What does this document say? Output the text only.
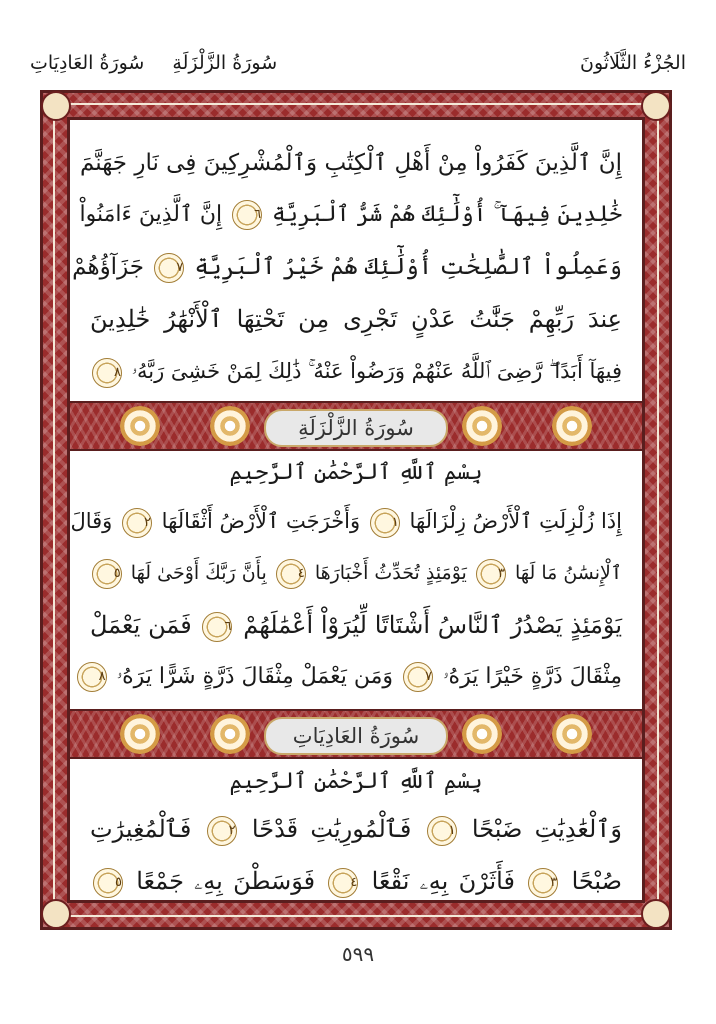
الجُزْءُ الثَّلَاثُونَ
سُورَةُ الزَّلْزَلَةِ سُورَةُ العَادِيَاتِ
إِنَّ ٱلَّذِينَ كَفَرُواْ مِنْ أَهْلِ ٱلْكِتَٰبِ وَٱلْمُشْرِكِينَ فِى نَارِ جَهَنَّمَ
خَٰلِدِينَ فِيهَآ ۚ أُوْلَٰٓئِكَ هُمْ شَرُّ ٱلْبَرِيَّةِ ٦ إِنَّ ٱلَّذِينَ ءَامَنُواْ
وَعَمِلُواْ ٱلصَّٰلِحَٰتِ أُوْلَٰٓئِكَ هُمْ خَيْرُ ٱلْبَرِيَّةِ ٧ جَزَآؤُهُمْ
عِندَ رَبِّهِمْ جَنَّٰتُ عَدْنٍ تَجْرِى مِن تَحْتِهَا ٱلْأَنْهَٰرُ خَٰلِدِينَ
فِيهَآ أَبَدًا ۖ رَّضِىَ ٱللَّهُ عَنْهُمْ وَرَضُواْ عَنْهُ ۚ ذَٰلِكَ لِمَنْ خَشِىَ رَبَّهُۥ ٨
سُورَةُ الزَّلْزَلَةِ
بِسْمِ ٱللَّهِ ٱلرَّحْمَٰنِ ٱلرَّحِيمِ
إِذَا زُلْزِلَتِ ٱلْأَرْضُ زِلْزَالَهَا ١ وَأَخْرَجَتِ ٱلْأَرْضُ أَثْقَالَهَا ٢ وَقَالَ
ٱلْإِنسَٰنُ مَا لَهَا ٣ يَوْمَئِذٍ تُحَدِّثُ أَخْبَارَهَا ٤ بِأَنَّ رَبَّكَ أَوْحَىٰ لَهَا ٥
يَوْمَئِذٍ يَصْدُرُ ٱلنَّاسُ أَشْتَاتًا لِّيُرَوْاْ أَعْمَٰلَهُمْ ٦ فَمَن يَعْمَلْ
مِثْقَالَ ذَرَّةٍ خَيْرًا يَرَهُۥ ٧ وَمَن يَعْمَلْ مِثْقَالَ ذَرَّةٍ شَرًّا يَرَهُۥ ٨
سُورَةُ العَادِيَاتِ
بِسْمِ ٱللَّهِ ٱلرَّحْمَٰنِ ٱلرَّحِيمِ
وَٱلْعَٰدِيَٰتِ ضَبْحًا ١ فَٱلْمُورِيَٰتِ قَدْحًا ٢ فَٱلْمُغِيرَٰتِ
صُبْحًا ٣ فَأَثَرْنَ بِهِۦ نَقْعًا ٤ فَوَسَطْنَ بِهِۦ جَمْعًا ٥
٥٩٩
